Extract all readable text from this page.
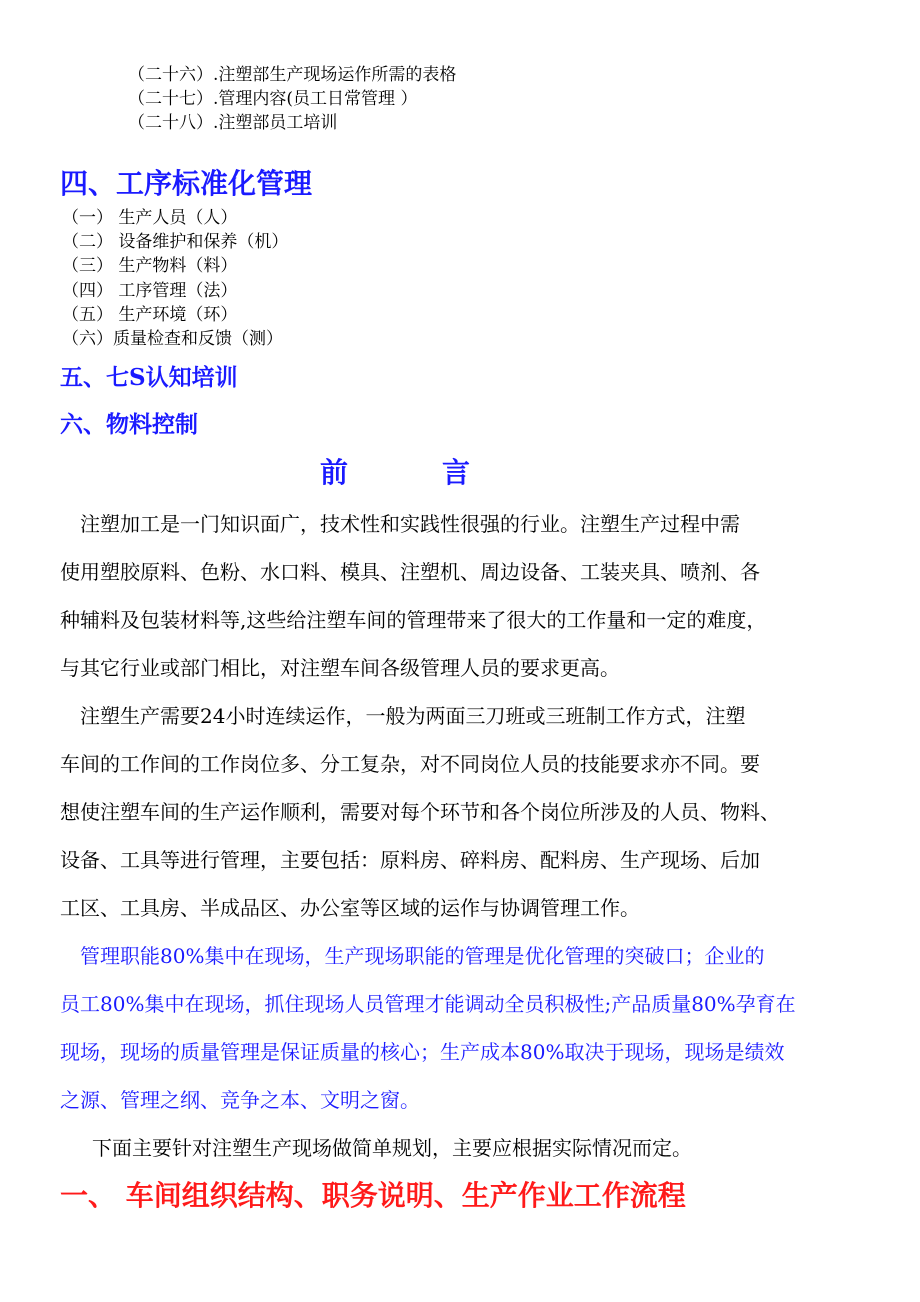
（二十六）.注塑部生产现场运作所需的表格
（二十七）.管理内容(员工日常管理 ）
（二十八）.注塑部员工培训
四、工序标准化管理
（一） 生产人员（人）
（二） 设备维护和保养（机）
（三） 生产物料（料）
（四） 工序管理（法）
（五） 生产环境（环）
（六）质量检查和反馈（测）
五、七S认知培训
六、物料控制
前	言

　注塑加工是一门知识面广，技术性和实践性很强的行业。注塑生产过程中需

使用塑胶原料、色粉、水口料、模具、注塑机、周边设备、工装夹具、喷剂、各

种辅料及包装材料等,这些给注塑车间的管理带来了很大的工作量和一定的难度，

与其它行业或部门相比，对注塑车间各级管理人员的要求更高。

　注塑生产需要24小时连续运作，一般为两面三刀班或三班制工作方式，注塑

车间的工作间的工作岗位多、分工复杂，对不同岗位人员的技能要求亦不同。要

想使注塑车间的生产运作顺利，需要对每个环节和各个岗位所涉及的人员、物料、

设备、工具等进行管理，主要包括：原料房、碎料房、配料房、生产现场、后加

工区、工具房、半成品区、办公室等区域的运作与协调管理工作。

　管理职能80%集中在现场，生产现场职能的管理是优化管理的突破口；企业的

员工80%集中在现场，抓住现场人员管理才能调动全员积极性;产品质量80%孕育在

现场，现场的质量管理是保证质量的核心；生产成本80%取决于现场，现场是绩效

之源、管理之纲、竞争之本、文明之窗。

　下面主要针对注塑生产现场做简单规划，主要应根据实际情况而定。

一、 车间组织结构、职务说明、生产作业工作流程
